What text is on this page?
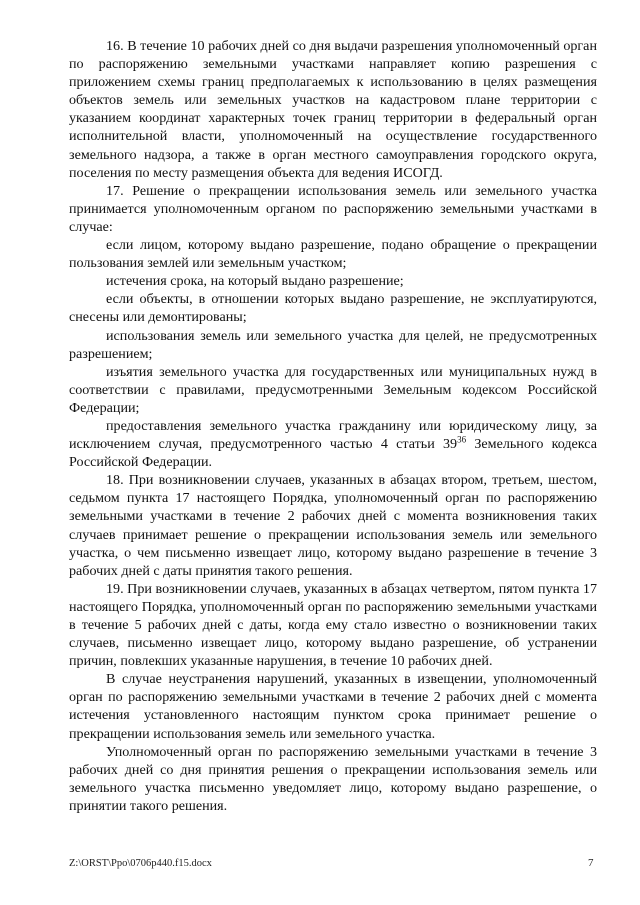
16. В течение 10 рабочих дней со дня выдачи разрешения уполномоченный орган по распоряжению земельными участками направляет копию разрешения с приложением схемы границ предполагаемых к использованию в целях размещения объектов земель или земельных участков на кадастровом плане территории с указанием координат характерных точек границ территории в федеральный орган исполнительной власти, уполномоченный на осуществление государственного земельного надзора, а также в орган местного самоуправления городского округа, поселения по месту размещения объекта для ведения ИСОГД.

17. Решение о прекращении использования земель или земельного участка принимается уполномоченным органом по распоряжению земельными участками в случае:

если лицом, которому выдано разрешение, подано обращение о прекращении пользования землей или земельным участком;

истечения срока, на который выдано разрешение;

если объекты, в отношении которых выдано разрешение, не эксплуатируются, снесены или демонтированы;

использования земель или земельного участка для целей, не предусмотренных разрешением;

изъятия земельного участка для государственных или муниципальных нужд в соответствии с правилами, предусмотренными Земельным кодексом Российской Федерации;

предоставления земельного участка гражданину или юридическому лицу, за исключением случая, предусмотренного частью 4 статьи $39^{36}$ Земельного кодекса Российской Федерации.

18. При возникновении случаев, указанных в абзацах втором, третьем, шестом, седьмом пункта 17 настоящего Порядка, уполномоченный орган по распоряжению земельными участками в течение 2 рабочих дней с момента возникновения таких случаев принимает решение о прекращении использования земель или земельного участка, о чем письменно извещает лицо, которому выдано разрешение в течение 3 рабочих дней с даты принятия такого решения.

19. При возникновении случаев, указанных в абзацах четвертом, пятом пункта 17 настоящего Порядка, уполномоченный орган по распоряжению земельными участками в течение 5 рабочих дней с даты, когда ему стало известно о возникновении таких случаев, письменно извещает лицо, которому выдано разрешение, об устранении причин, повлекших указанные нарушения, в течение 10 рабочих дней.

В случае неустранения нарушений, указанных в извещении, уполномоченный орган по распоряжению земельными участками в течение 2 рабочих дней с момента истечения установленного настоящим пунктом срока принимает решение о прекращении использования земель или земельного участка.

Уполномоченный орган по распоряжению земельными участками в течение 3 рабочих дней со дня принятия решения о прекращении использования земель или земельного участка письменно уведомляет лицо, которому выдано разрешение, о принятии такого решения.

Z:\ORST\Ppo\0706p440.f15.docx	7
